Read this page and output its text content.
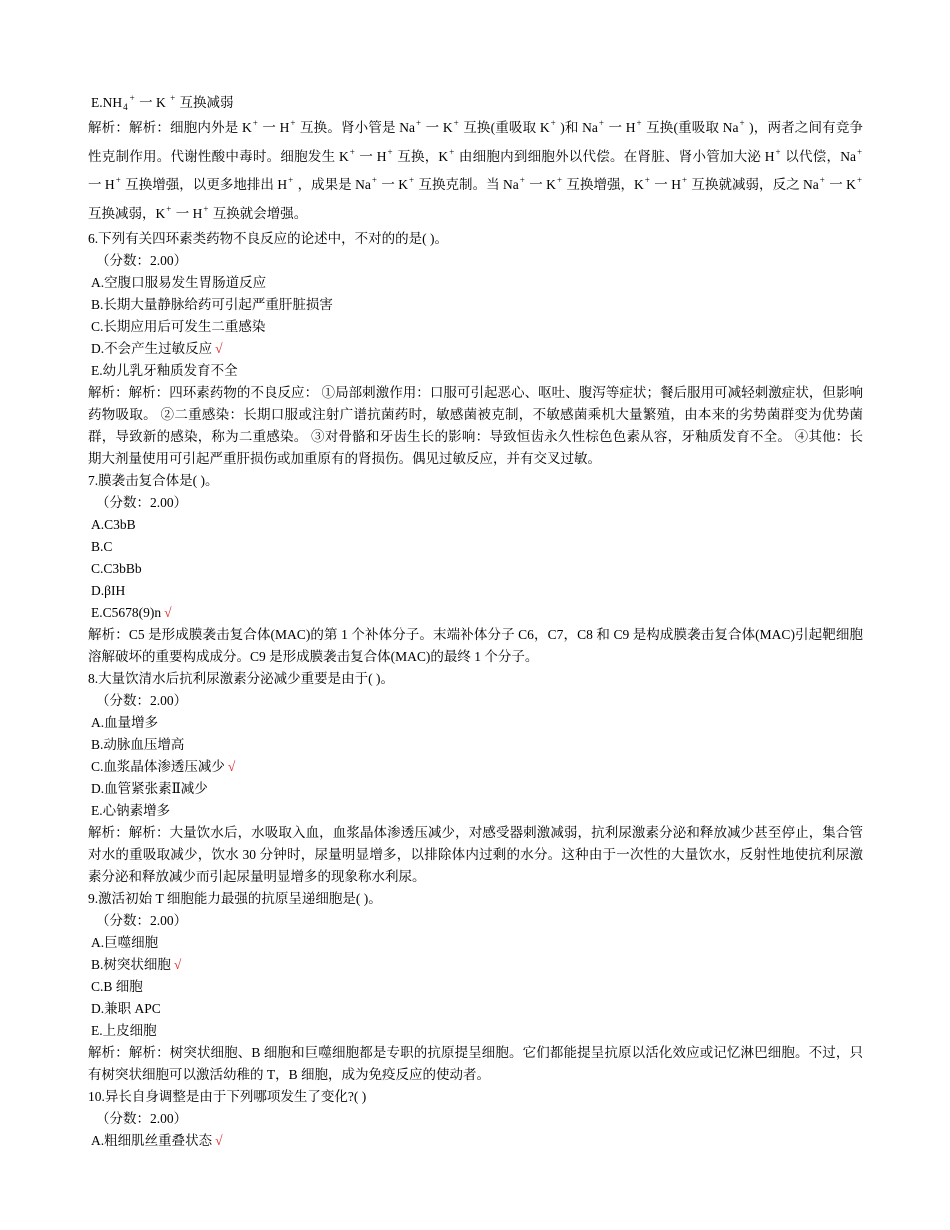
$E.NH_4^+$ 一 K + 互换减弱
解析：解析：细胞内外是 K+ 一 H+ 互换。肾小管是 Na+ 一 K+ 互换(重吸取 K+ )和 Na+ 一 H+ 互换(重吸取 Na+ )，两者之间有竞争性克制作用。代谢性酸中毒时。细胞发生 K+ 一 H+ 互换，K+ 由细胞内到细胞外以代偿。在肾脏、肾小管加大泌 H+ 以代偿，Na+ 一 H+ 互换增强，以更多地排出 H+ ，成果是 Na+ 一 K+ 互换克制。当 Na+ 一 K+ 互换增强，K+ 一 H+ 互换就减弱，反之 Na+ 一 K+ 互换减弱，K+ 一 H+ 互换就会增强。
6.下列有关四环素类药物不良反应的论述中，不对的的是( )。
（分数：2.00）
A.空腹口服易发生胃肠道反应
B.长期大量静脉给药可引起严重肝脏损害
C.长期应用后可发生二重感染
D.不会产生过敏反应 √
E.幼儿乳牙釉质发育不全
解析：解析：四环素药物的不良反应： ①局部刺激作用：口服可引起恶心、呕吐、腹泻等症状；餐后服用可减轻刺激症状，但影响药物吸取。 ②二重感染：长期口服或注射广谱抗菌药时，敏感菌被克制，不敏感菌乘机大量繁殖，由本来的劣势菌群变为优势菌群，导致新的感染，称为二重感染。 ③对骨骼和牙齿生长的影响：导致恒齿永久性棕色色素从容，牙釉质发育不全。 ④其他：长期大剂量使用可引起严重肝损伤或加重原有的肾损伤。偶见过敏反应，并有交叉过敏。
7.膜袭击复合体是( )。
（分数：2.00）
A.C3bB
B.C
C.C3bBb
D.βIH
E.C5678(9)n √
解析：C5 是形成膜袭击复合体(MAC)的第 1 个补体分子。末端补体分子 C6，C7，C8 和 C9 是构成膜袭击复合体(MAC)引起靶细胞溶解破坏的重要构成成分。C9 是形成膜袭击复合体(MAC)的最终 1 个分子。
8.大量饮清水后抗利尿激素分泌减少重要是由于( )。
（分数：2.00）
A.血量增多
B.动脉血压增高
C.血浆晶体渗透压减少 √
D.血管紧张素Ⅱ减少
E.心钠素增多
解析：解析：大量饮水后，水吸取入血，血浆晶体渗透压减少，对感受器刺激减弱，抗利尿激素分泌和释放减少甚至停止，集合管对水的重吸取减少，饮水 30 分钟时，尿量明显增多，以排除体内过剩的水分。这种由于一次性的大量饮水，反射性地使抗利尿激素分泌和释放减少而引起尿量明显增多的现象称水利尿。
9.激活初始 T 细胞能力最强的抗原呈递细胞是( )。
（分数：2.00）
A.巨噬细胞
B.树突状细胞 √
C.B 细胞
D.兼职 APC
E.上皮细胞
解析：解析：树突状细胞、B 细胞和巨噬细胞都是专职的抗原提呈细胞。它们都能提呈抗原以活化效应或记忆淋巴细胞。不过，只有树突状细胞可以激活幼稚的 T，B 细胞，成为免疫反应的使动者。
10.异长自身调整是由于下列哪项发生了变化?( )
（分数：2.00）
A.粗细肌丝重叠状态 √
